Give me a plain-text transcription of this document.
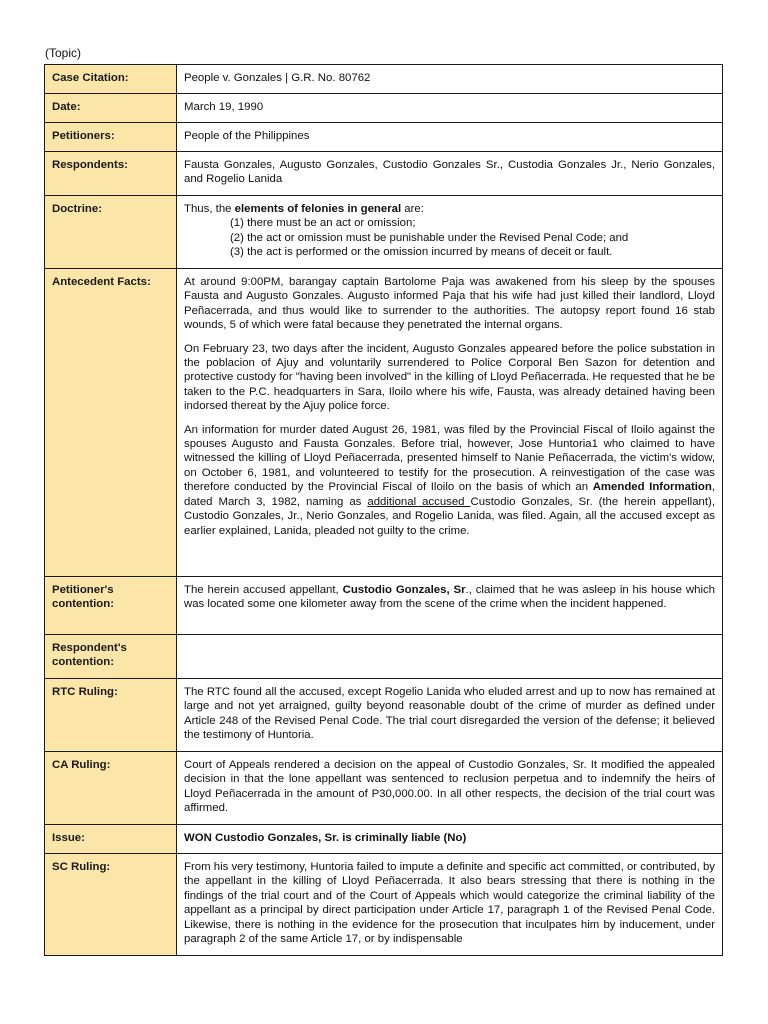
(Topic)
Case Citation:	People v. Gonzales | G.R. No. 80762
Date:	March 19, 1990
Petitioners:	People of the Philippines
Respondents:	Fausta Gonzales, Augusto Gonzales, Custodio Gonzales Sr., Custodia Gonzales Jr., Nerio Gonzales, and Rogelio Lanida
Doctrine:	Thus, the elements of felonies in general are:
(1) there must be an act or omission;
(2) the act or omission must be punishable under the Revised Penal Code; and
(3) the act is performed or the omission incurred by means of deceit or fault.

Antecedent Facts:	At around 9:00PM, barangay captain Bartolome Paja was awakened from his sleep by the spouses Fausta and Augusto Gonzales. Augusto informed Paja that his wife had just killed their landlord, Lloyd Peñacerrada, and thus would like to surrender to the authorities. The autopsy report found 16 stab wounds, 5 of which were fatal because they penetrated the internal organs.

On February 23, two days after the incident, Augusto Gonzales appeared before the police substation in the poblacion of Ajuy and voluntarily surrendered to Police Corporal Ben Sazon for detention and protective custody for "having been involved" in the killing of Lloyd Peñacerrada. He requested that he be taken to the P.C. headquarters in Sara, Iloilo where his wife, Fausta, was already detained having been indorsed thereat by the Ajuy police force.

An information for murder dated August 26, 1981, was filed by the Provincial Fiscal of Iloilo against the spouses Augusto and Fausta Gonzales. Before trial, however, Jose Huntoria1 who claimed to have witnessed the killing of Lloyd Peñacerrada, presented himself to Nanie Peñacerrada, the victim's widow, on October 6, 1981, and volunteered to testify for the prosecution. A reinvestigation of the case was therefore conducted by the Provincial Fiscal of Iloilo on the basis of which an Amended Information, dated March 3, 1982, naming as additional accused Custodio Gonzales, Sr. (the herein appellant), Custodio Gonzales, Jr., Nerio Gonzales, and Rogelio Lanida, was filed. Again, all the accused except as earlier explained, Lanida, pleaded not guilty to the crime.

Petitioner's contention:	The herein accused appellant, Custodio Gonzales, Sr., claimed that he was asleep in his house which was located some one kilometer away from the scene of the crime when the incident happened.
Respondent's contention:	
RTC Ruling:	The RTC found all the accused, except Rogelio Lanida who eluded arrest and up to now has remained at large and not yet arraigned, guilty beyond reasonable doubt of the crime of murder as defined under Article 248 of the Revised Penal Code. The trial court disregarded the version of the defense; it believed the testimony of Huntoria.
CA Ruling:	Court of Appeals rendered a decision on the appeal of Custodio Gonzales, Sr. It modified the appealed decision in that the lone appellant was sentenced to reclusion perpetua and to indemnify the heirs of Lloyd Peñacerrada in the amount of P30,000.00. In all other respects, the decision of the trial court was affirmed.
Issue:	WON Custodio Gonzales, Sr. is criminally liable (No)
SC Ruling:	From his very testimony, Huntoria failed to impute a definite and specific act committed, or contributed, by the appellant in the killing of Lloyd Peñacerrada. It also bears stressing that there is nothing in the findings of the trial court and of the Court of Appeals which would categorize the criminal liability of the appellant as a principal by direct participation under Article 17, paragraph 1 of the Revised Penal Code. Likewise, there is nothing in the evidence for the prosecution that inculpates him by inducement, under paragraph 2 of the same Article 17, or by indispensable
